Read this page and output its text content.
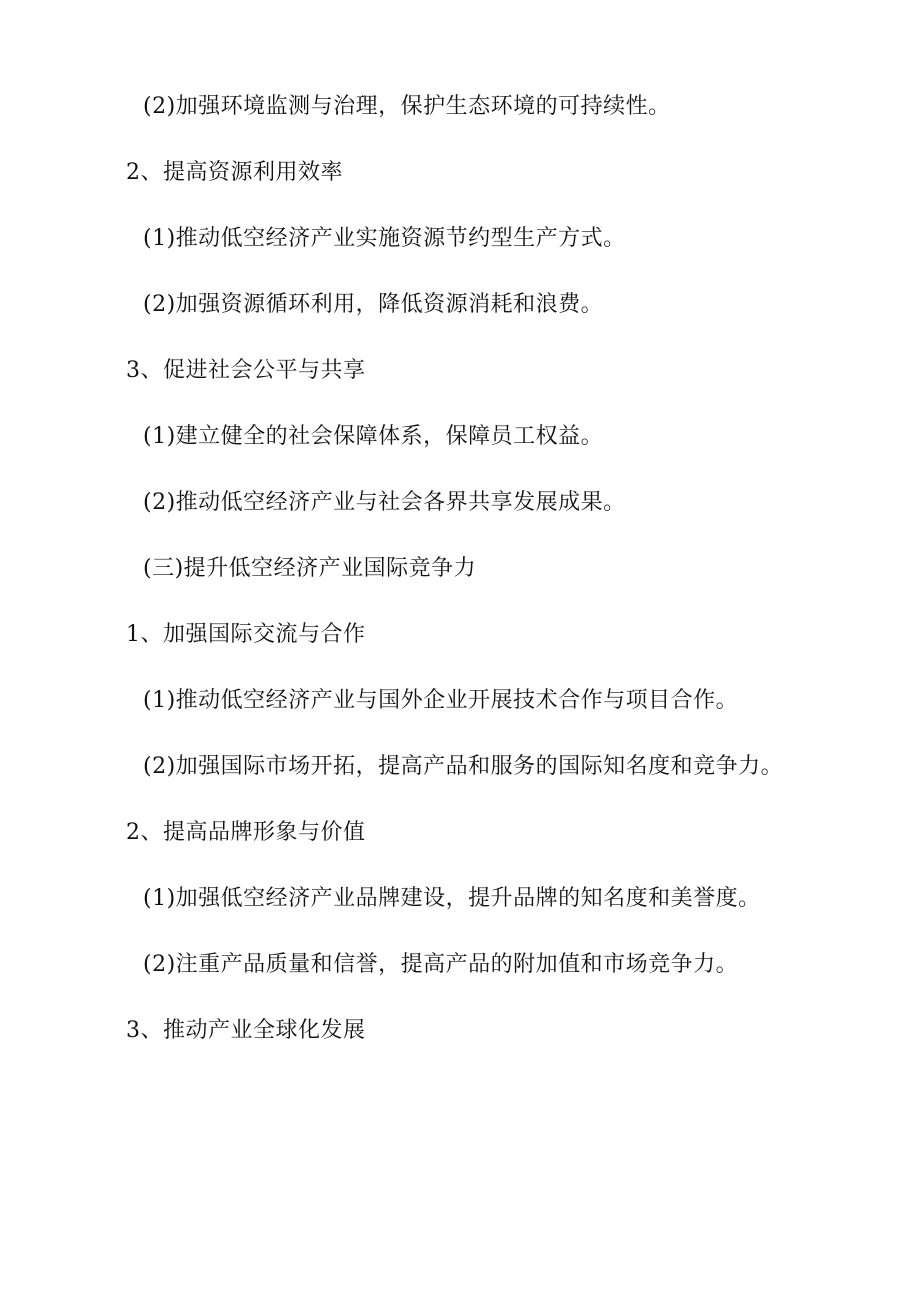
(2)加强环境监测与治理，保护生态环境的可持续性。
2、提高资源利用效率
(1)推动低空经济产业实施资源节约型生产方式。
(2)加强资源循环利用，降低资源消耗和浪费。
3、促进社会公平与共享
(1)建立健全的社会保障体系，保障员工权益。
(2)推动低空经济产业与社会各界共享发展成果。
(三)提升低空经济产业国际竞争力
1、加强国际交流与合作
(1)推动低空经济产业与国外企业开展技术合作与项目合作。
(2)加强国际市场开拓，提高产品和服务的国际知名度和竞争力。
2、提高品牌形象与价值
(1)加强低空经济产业品牌建设，提升品牌的知名度和美誉度。
(2)注重产品质量和信誉，提高产品的附加值和市场竞争力。
3、推动产业全球化发展
